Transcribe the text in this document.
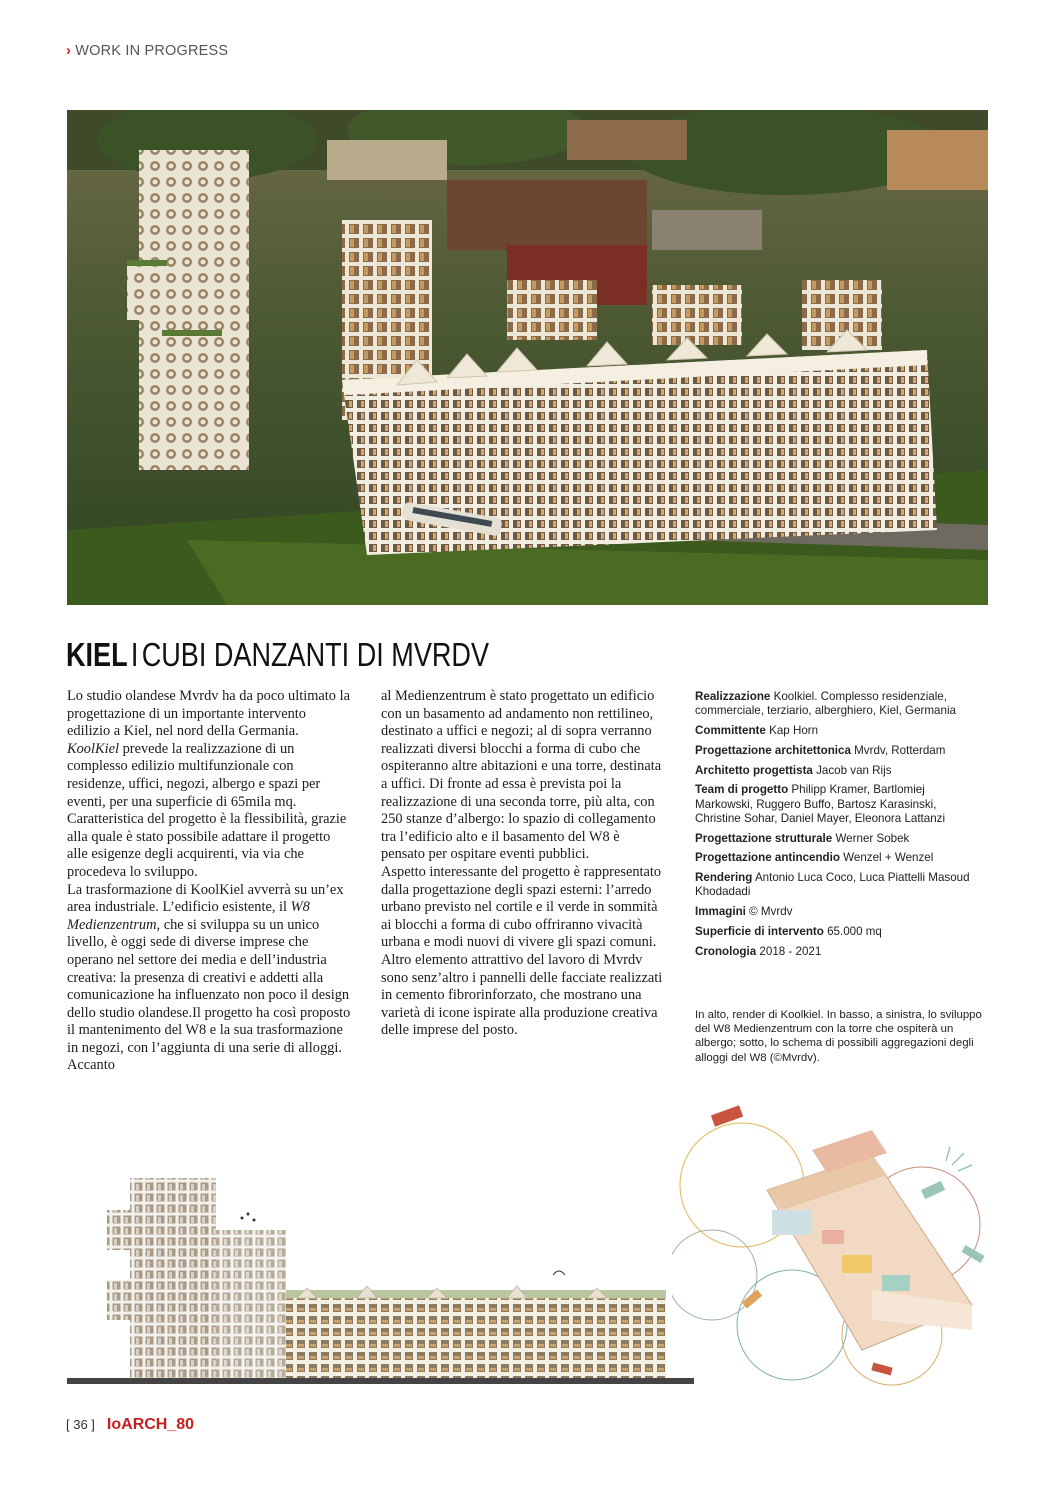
› WORK IN PROGRESS
KIELICUBI DANZANTI DI MVRDV

Lo studio olandese Mvrdv ha da poco ultimato la progettazione di un importante intervento edilizio a Kiel, nel nord della Germania. KoolKiel prevede la realizzazione di un complesso edilizio multifunzionale con residenze, uffici, negozi, albergo e spazi per eventi, per una superficie di 65mila mq.

Caratteristica del progetto è la flessibilità, grazie alla quale è stato possibile adattare il progetto alle esigenze degli acquirenti, via via che procedeva lo sviluppo.

La trasformazione di KoolKiel avverrà su un’ex area industriale. L’edificio esistente, il W8 Medienzentrum, che si sviluppa su un unico livello, è oggi sede di diverse imprese che operano nel settore dei media e dell’industria creativa: la presenza di creativi e addetti alla comunicazione ha influenzato non poco il design dello studio olandese.Il progetto ha così proposto il mantenimento del W8 e la sua trasformazione in negozi, con l’aggiunta di una serie di alloggi. Accanto

al Medienzentrum è stato progettato un edificio con un basamento ad andamento non rettilineo, destinato a uffici e negozi; al di sopra verranno realizzati diversi blocchi a forma di cubo che ospiteranno altre abitazioni e una torre, destinata a uffici. Di fronte ad essa è prevista poi la realizzazione di una seconda torre, più alta, con 250 stanze d’albergo: lo spazio di collegamento tra l’edificio alto e il basamento del W8 è pensato per ospitare eventi pubblici.

Aspetto interessante del progetto è rappresentato dalla progettazione degli spazi esterni: l’arredo urbano previsto nel cortile e il verde in sommità ai blocchi a forma di cubo offriranno vivacità urbana e modi nuovi di vivere gli spazi comuni.

Altro elemento attrattivo del lavoro di Mvrdv sono senz’altro i pannelli delle facciate realizzati in cemento fibrorinforzato, che mostrano una varietà di icone ispirate alla produzione creativa delle imprese del posto.

Realizzazione Koolkiel. Complesso residenziale, commerciale, terziario, alberghiero, Kiel, Germania
Committente Kap Horn
Progettazione architettonica Mvrdv, Rotterdam
Architetto progettista Jacob van Rijs
Team di progetto Philipp Kramer, Bartlomiej Markowski, Ruggero Buffo, Bartosz Karasinski, Christine Sohar, Daniel Mayer, Eleonora Lattanzi
Progettazione strutturale Werner Sobek
Progettazione antincendio Wenzel + Wenzel
Rendering Antonio Luca Coco, Luca Piattelli Masoud Khodadadi
Immagini © Mvrdv
Superficie di intervento 65.000 mq
Cronologia 2018 - 2021
In alto, render di Koolkiel. In basso, a sinistra, lo sviluppo del W8 Medienzentrum con la torre che ospiterà un albergo; sotto, lo schema di possibili aggregazioni degli alloggi del W8 (©Mvrdv).
[ 36 ] IoARCH_80
